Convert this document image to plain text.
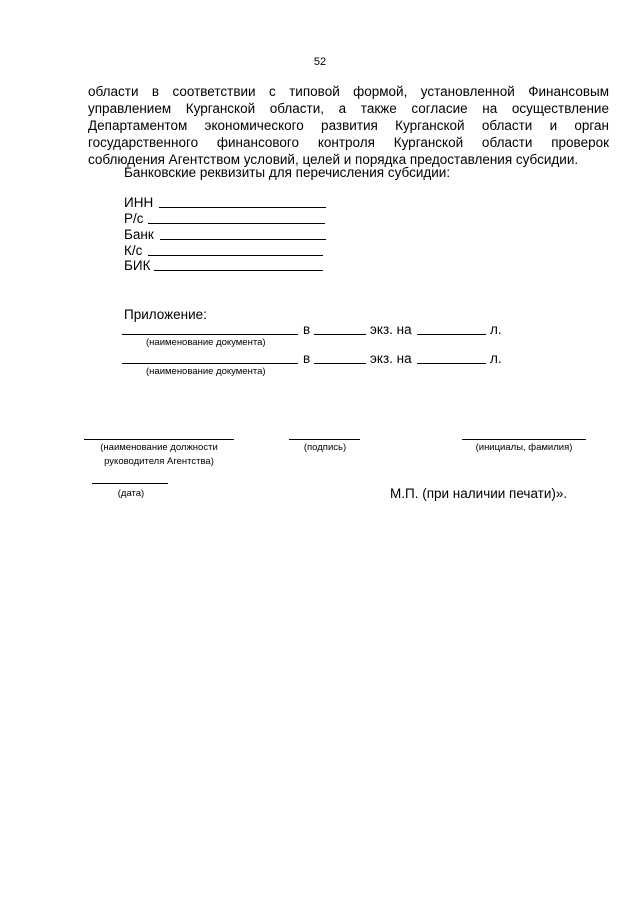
52
области в соответствии с типовой формой, установленной Финансовым
управлением Курганской области, а также согласие на осуществление
Департаментом экономического развития Курганской области и орган
государственного финансового контроля Курганской области проверок
соблюдения Агентством условий, целей и порядка предоставления субсидии.
Банковские реквизиты для перечисления субсидии:
ИНН
Р/с
Банк
К/с
БИК
Приложение:
в	экз. на	л.
(наименование документа)
в	экз. на	л.
(наименование документа)
(наименование должности
руководителя Агентства)
(подпись)	(инициалы, фамилия)
(дата)	М.П. (при наличии печати)».
